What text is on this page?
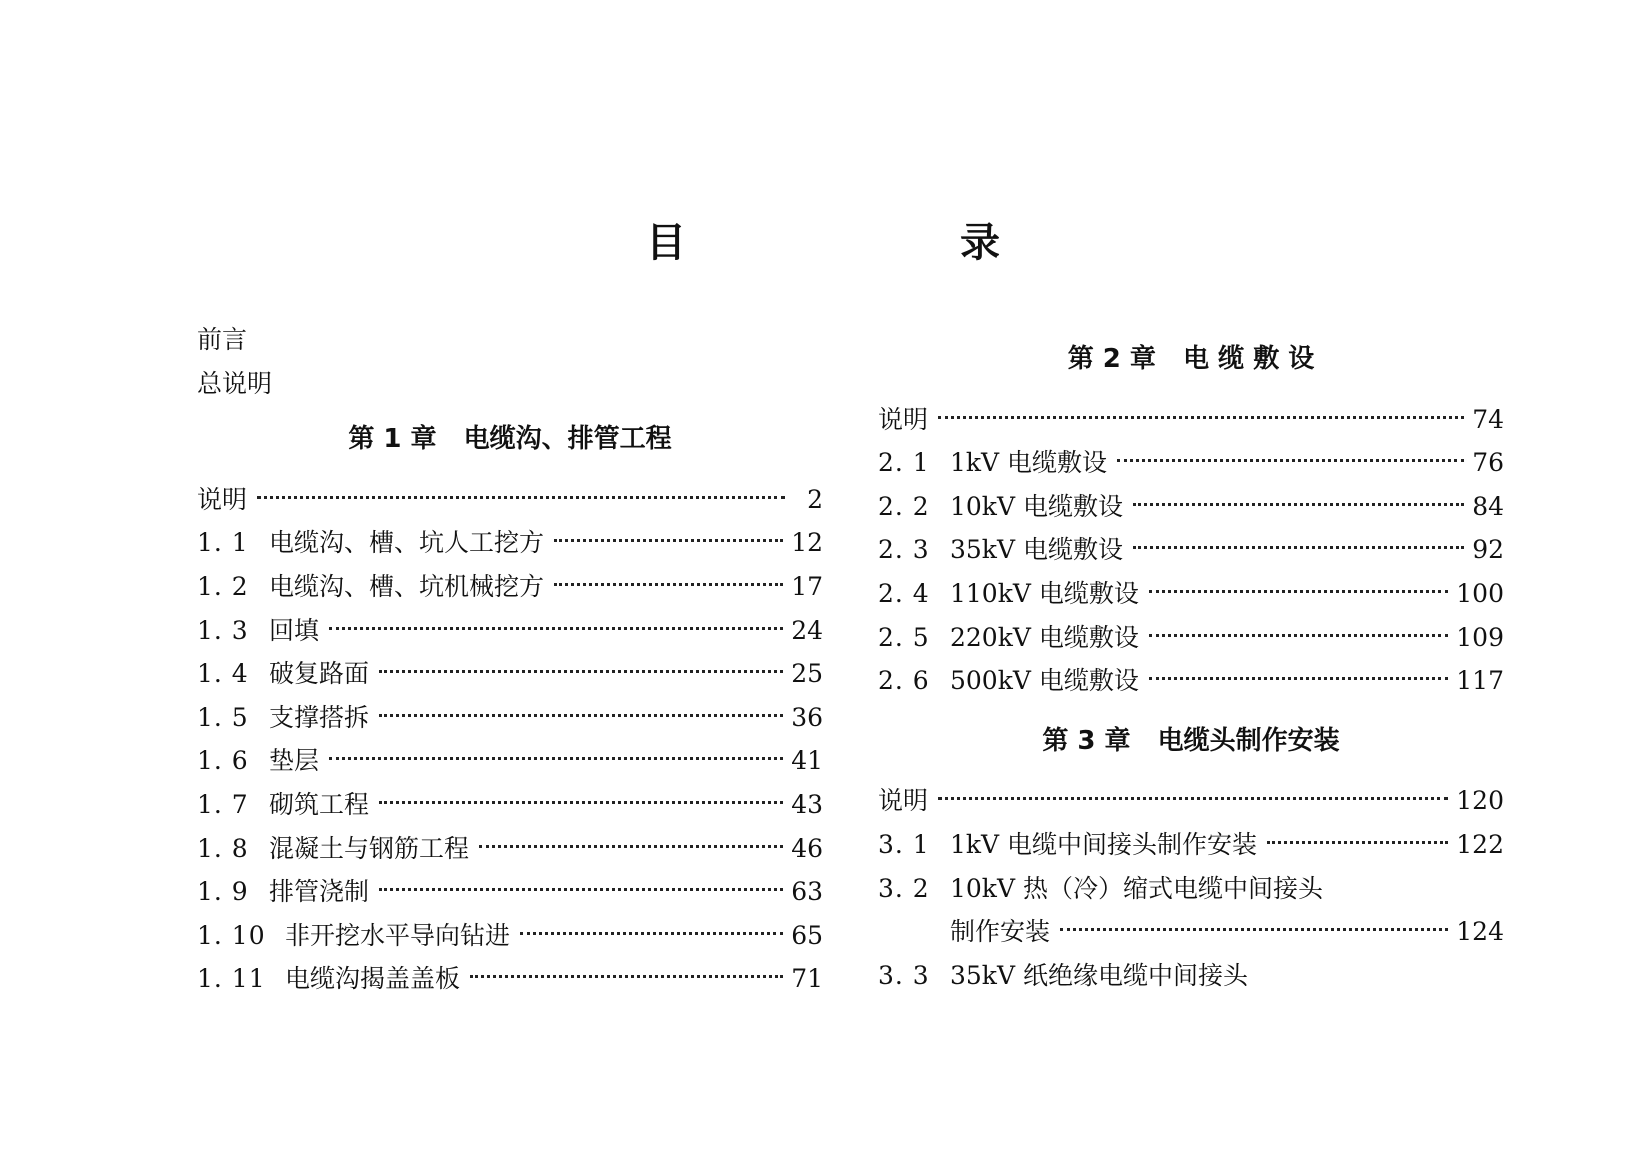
目 录
前言
总说明
第 1 章   电缆沟、排管工程
说明	2
1. 1 电缆沟、槽、坑人工挖方	12
1. 2 电缆沟、槽、坑机械挖方	17
1. 3 回填	24
1. 4 破复路面	25
1. 5 支撑搭拆	36
1. 6 垫层	41
1. 7 砌筑工程	43
1. 8 混凝土与钢筋工程	46
1. 9 排管浇制	63
1. 10 非开挖水平导向钻进	65
1. 11 电缆沟揭盖盖板	71
第 2 章   电 缆 敷 设
说明	74
2. 1 1kV 电缆敷设	76
2. 2 10kV 电缆敷设	84
2. 3 35kV 电缆敷设	92
2. 4 110kV 电缆敷设	100
2. 5 220kV 电缆敷设	109
2. 6 500kV 电缆敷设	117
第 3 章   电缆头制作安装
说明	120
3. 1 1kV 电缆中间接头制作安装	122
3. 2 10kV 热（冷）缩式电缆中间接头
制作安装	124
3. 3 35kV 纸绝缘电缆中间接头
